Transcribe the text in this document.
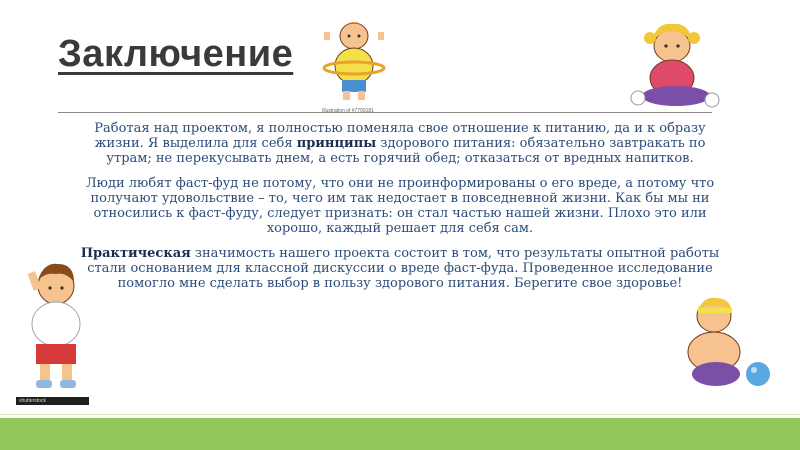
Заключение
Illustration of #7709181
shutterstock

Работая над проектом, я полностью поменяла свое отношение к питанию, да и к образу жизни. Я выделила для себя принципы здорового питания: обязательно завтракать по утрам; не перекусывать днем, а есть горячий обед; отказаться от вредных напитков.

Люди любят фаст-фуд не потому, что они не проинформированы о его вреде, а потому что получают удовольствие – то, чего им так недостает в повседневной жизни. Как бы мы ни относились к фаст-фуду, следует признать: он стал частью нашей жизни. Плохо это или хорошо, каждый решает для себя сам.

Практическая значимость нашего проекта состоит в том, что результаты опытной работы стали основанием для классной дискуссии о вреде фаст-фуда. Проведенное исследование помогло мне сделать выбор в пользу здорового питания. Берегите свое здоровье!
